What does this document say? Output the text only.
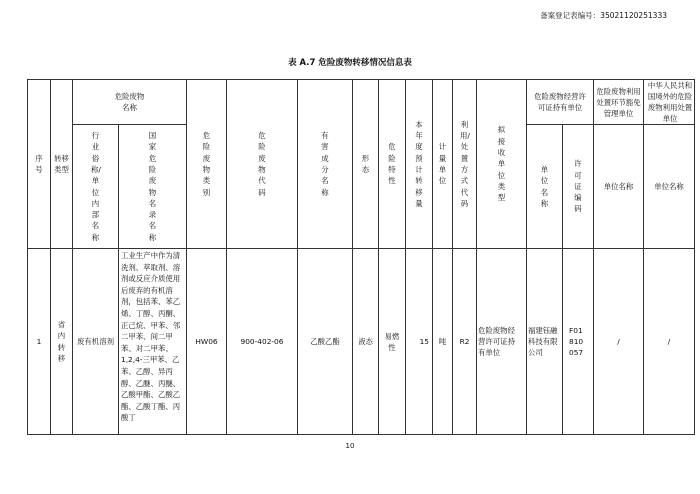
备案登记表编号：35021120251333
表 A.7 危险废物转移情况信息表
序号	转移类型	危险废物名称		危险废物类别	危险废物代码	有害成分名称	形态	危险特性	本年度预计转移量	计量单位	利用/处置方式代码	拟接收单位类型	危险废物经营许可证持有单位		危险废物利用处置环节豁免管理单位	中华人民共和国境外的危险废物利用处置单位
		行业俗称/单位内部名称	国家危险废物名录名称										单位名称	许可证编码	单位名称	单位名称
1	省内转移	废有机溶剂	工业生产中作为清洗剂、萃取剂、溶剂或反应介质使用后废弃的有机溶剂，包括苯、苯乙烯、丁醇、丙酮、正己烷、甲苯、邻二甲苯、间二甲苯、对二甲苯、1,2,4-三甲苯、乙苯、乙醇、异丙醇、乙醚、丙醚、乙酸甲酯、乙酸乙酯、乙酸丁酯、丙酸丁	HW06	900-402-06	乙酸乙酯	液态	易燃性	15	吨	R2	危险废物经营许可证持有单位	福建钰融科技有限公司	F01810057	/	/
10
